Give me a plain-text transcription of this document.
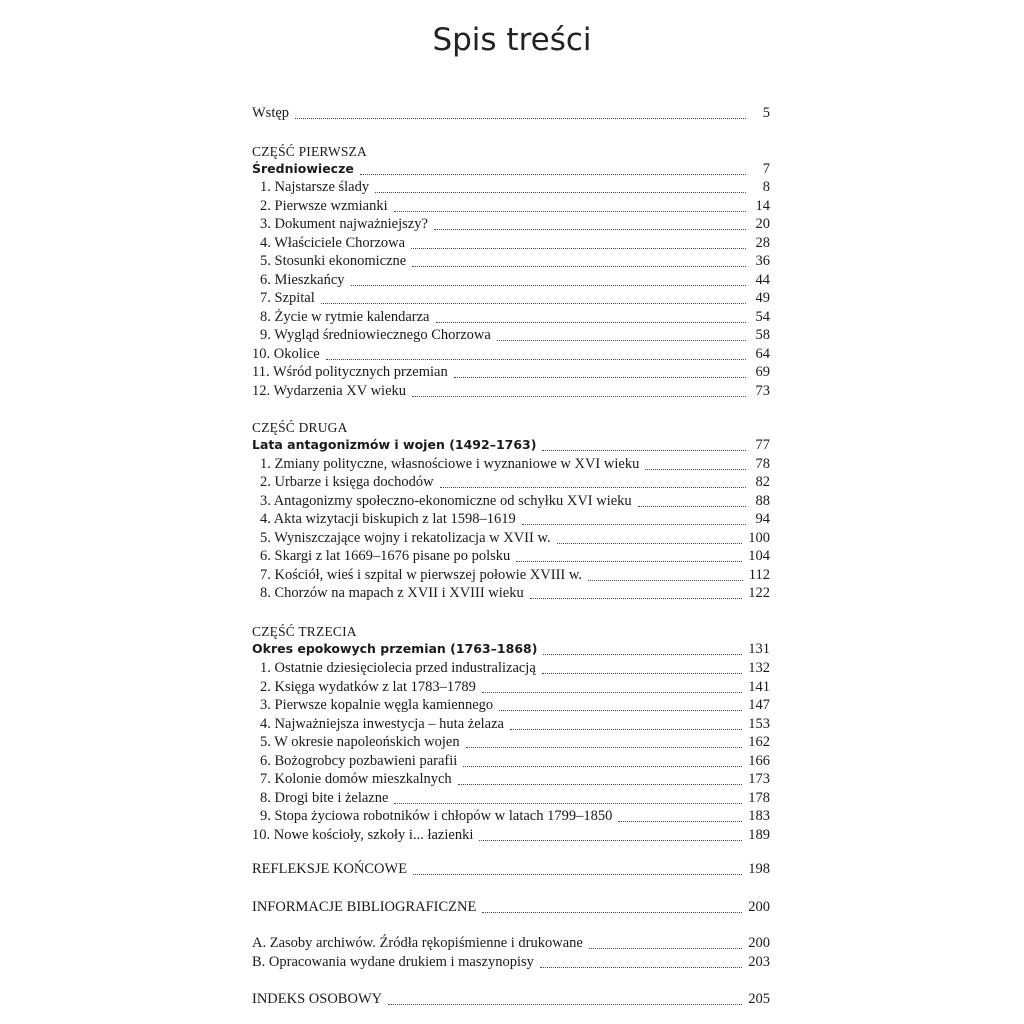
Spis treści
Wstęp	5
CZĘŚĆ PIERWSZA
Średniowiecze	7
1. Najstarsze ślady	8
2. Pierwsze wzmianki	14
3. Dokument najważniejszy?	20
4. Właściciele Chorzowa	28
5. Stosunki ekonomiczne	36
6. Mieszkańcy	44
7. Szpital	49
8. Życie w rytmie kalendarza	54
9. Wygląd średniowiecznego Chorzowa	58
10. Okolice	64
11. Wśród politycznych przemian	69
12. Wydarzenia XV wieku	73
CZĘŚĆ DRUGA
Lata antagonizmów i wojen (1492–1763)	77
1. Zmiany polityczne, własnościowe i wyznaniowe w XVI wieku	78
2. Urbarze i księga dochodów	82
3. Antagonizmy społeczno-ekonomiczne od schyłku XVI wieku	88
4. Akta wizytacji biskupich z lat 1598–1619	94
5. Wyniszczające wojny i rekatolizacja w XVII w.	100
6. Skargi z lat 1669–1676 pisane po polsku	104
7. Kościół, wieś i szpital w pierwszej połowie XVIII w.	112
8. Chorzów na mapach z XVII i XVIII wieku	122
CZĘŚĆ TRZECIA
Okres epokowych przemian (1763–1868)	131
1. Ostatnie dziesięciolecia przed industralizacją	132
2. Księga wydatków z lat 1783–1789	141
3. Pierwsze kopalnie węgla kamiennego	147
4. Najważniejsza inwestycja – huta żelaza	153
5. W okresie napoleońskich wojen	162
6. Bożogrobcy pozbawieni parafii	166
7. Kolonie domów mieszkalnych	173
8. Drogi bite i żelazne	178
9. Stopa życiowa robotników i chłopów w latach 1799–1850	183
10. Nowe kościoły, szkoły i... łazienki	189
REFLEKSJE KOŃCOWE	198
INFORMACJE BIBLIOGRAFICZNE	200
A. Zasoby archiwów. Źródła rękopiśmienne i drukowane	200
B. Opracowania wydane drukiem i maszynopisy	203
INDEKS OSOBOWY	205
